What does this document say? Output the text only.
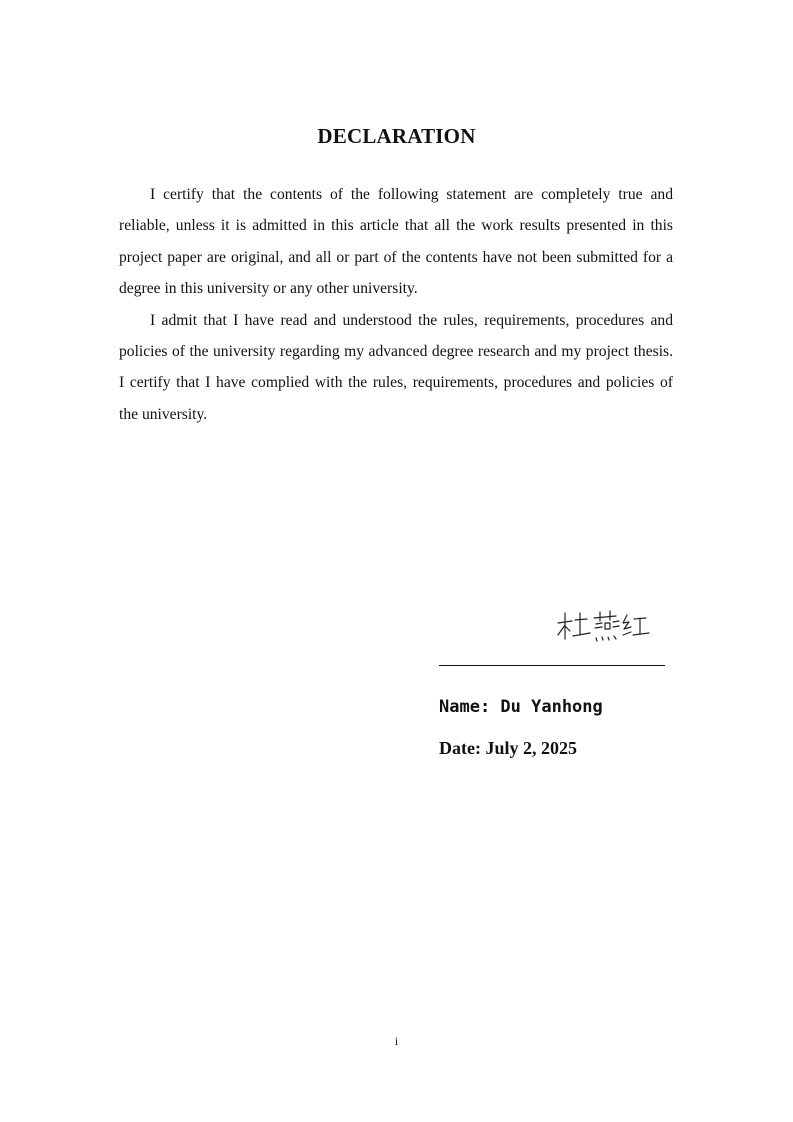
DECLARATION

I certify that the contents of the following statement are completely true and reliable, unless it is admitted in this article that all the work results presented in this project paper are original, and all or part of the contents have not been submitted for a degree in this university or any other university.

I admit that I have read and understood the rules, requirements, procedures and policies of the university regarding my advanced degree research and my project thesis. I certify that I have complied with the rules, requirements, procedures and policies of the university.

Name: Du Yanhong
Date: July 2, 2025
i
